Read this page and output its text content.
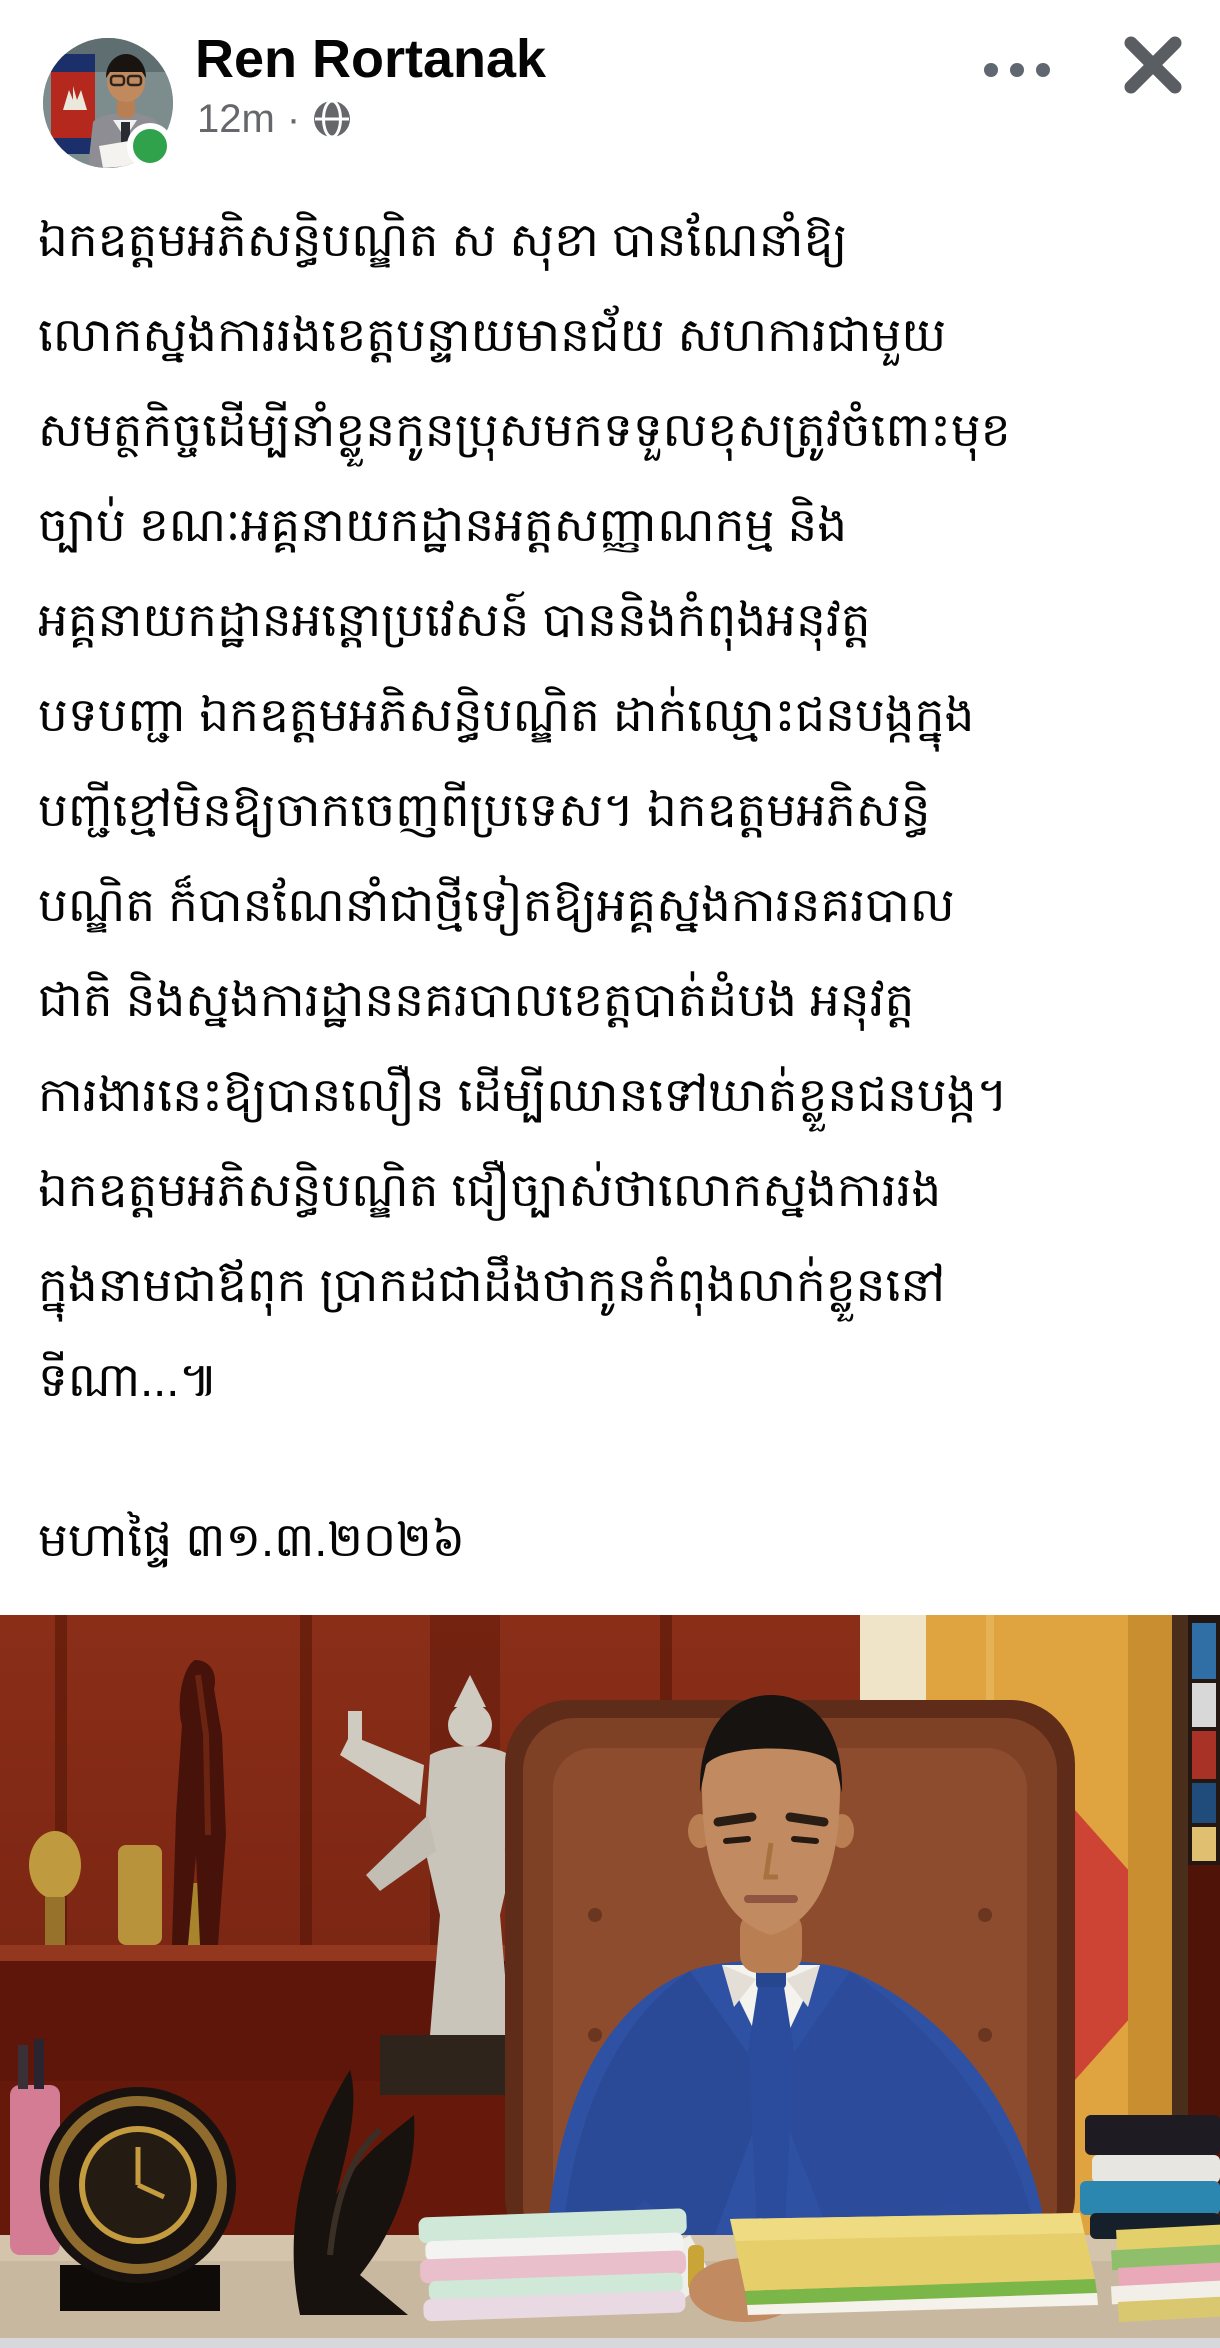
Ren Rortanak
12m ·
ឯកឧត្តមអភិសន្ធិបណ្ឌិត ស សុខា បានណែនាំឱ្យ
លោកស្នងការរងខេត្តបន្ទាយមានជ័យ សហការជាមួយ
សមត្ថកិច្ចដើម្បីនាំខ្លួនកូនប្រុសមកទទួលខុសត្រូវចំពោះមុខ
ច្បាប់ ខណៈអគ្គនាយកដ្ឋានអត្តសញ្ញាណកម្ម និង
អគ្គនាយកដ្ឋានអន្តោប្រវេសន៍ បាននិងកំពុងអនុវត្ត
បទបញ្ជា ឯកឧត្តមអភិសន្ធិបណ្ឌិត ដាក់ឈ្មោះជនបង្កក្នុង
បញ្ជីខ្មៅមិនឱ្យចាកចេញពីប្រទេស។ ឯកឧត្តមអភិសន្ធិ
បណ្ឌិត ក៏បានណែនាំជាថ្មីទៀតឱ្យអគ្គស្នងការនគរបាល
ជាតិ និងស្នងការដ្ឋាននគរបាលខេត្តបាត់ដំបង អនុវត្ត
ការងារនេះឱ្យបានលឿន ដើម្បីឈានទៅឃាត់ខ្លួនជនបង្ក។
ឯកឧត្តមអភិសន្ធិបណ្ឌិត ជឿច្បាស់ថាលោកស្នងការរង
ក្នុងនាមជាឪពុក ប្រាកដជាដឹងថាកូនកំពុងលាក់ខ្លួននៅ
ទីណា...៕
មហាផ្ទៃ ៣១.៣.២០២៦
